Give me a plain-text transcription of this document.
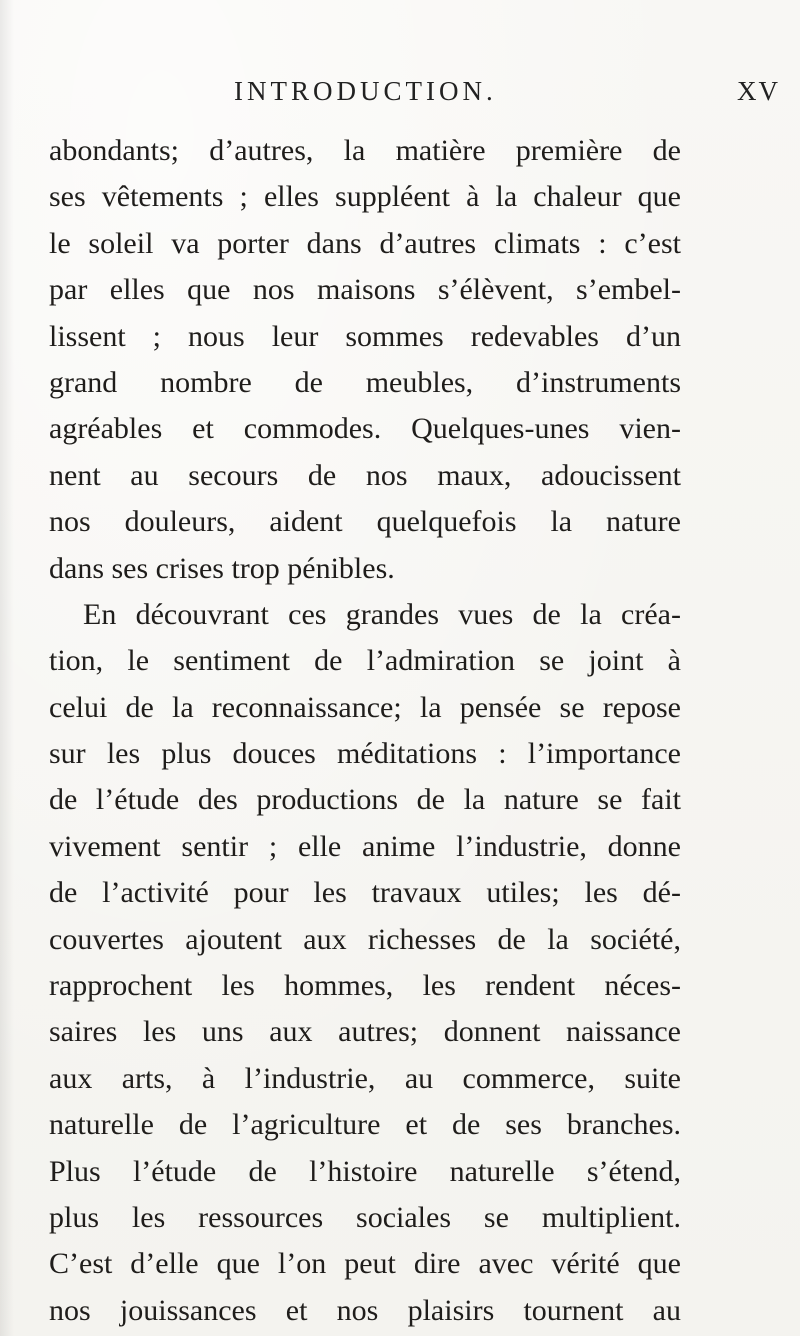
INTRODUCTION.	XV
abondants; d’autres, la matière première de
ses vêtements ; elles suppléent à la chaleur que
le soleil va porter dans d’autres climats : c’est
par elles que nos maisons s’élèvent, s’embel-
lissent ; nous leur sommes redevables d’un
grand nombre de meubles, d’instruments
agréables et commodes. Quelques-unes vien-
nent au secours de nos maux, adoucissent
nos douleurs, aident quelquefois la nature
dans ses crises trop pénibles.
En découvrant ces grandes vues de la créa-
tion, le sentiment de l’admiration se joint à
celui de la reconnaissance; la pensée se repose
sur les plus douces méditations : l’importance
de l’étude des productions de la nature se fait
vivement sentir ; elle anime l’industrie, donne
de l’activité pour les travaux utiles; les dé-
couvertes ajoutent aux richesses de la société,
rapprochent les hommes, les rendent néces-
saires les uns aux autres; donnent naissance
aux arts, à l’industrie, au commerce, suite
naturelle de l’agriculture et de ses branches.
Plus l’étude de l’histoire naturelle s’étend,
plus les ressources sociales se multiplient.
C’est d’elle que l’on peut dire avec vérité que
nos jouissances et nos plaisirs tournent au
